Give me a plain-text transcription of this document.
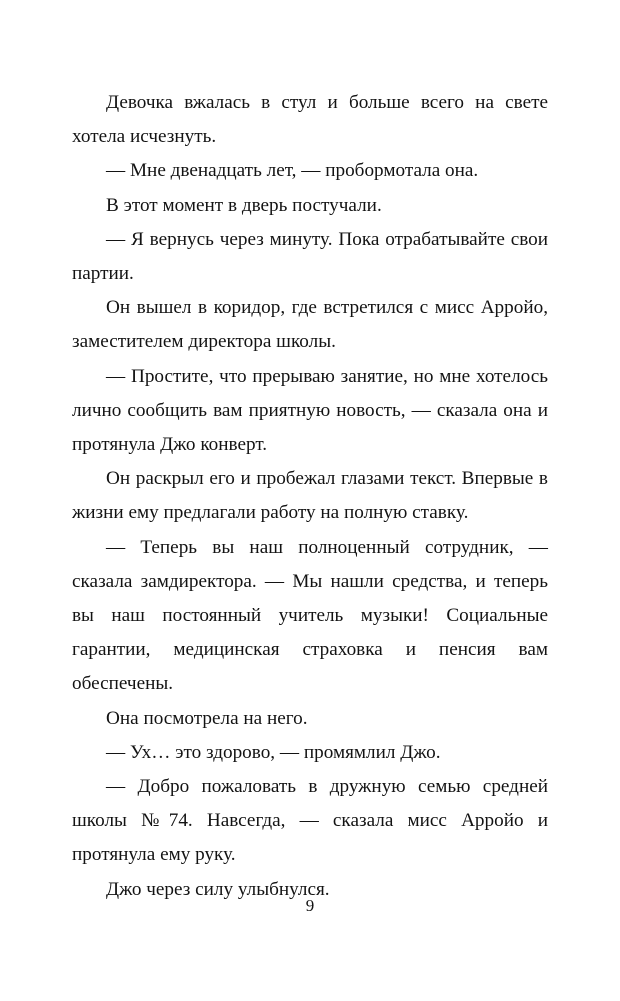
Девочка вжалась в стул и больше всего на свете хотела исчезнуть.

— Мне двенадцать лет, — пробормотала она.

В этот момент в дверь постучали.

— Я вернусь через минуту. Пока отрабатывайте свои партии.

Он вышел в коридор, где встретился с мисс Appойо, заместителем директора школы.

— Простите, что прерываю занятие, но мне хотелось лично сообщить вам приятную новость, — сказала она и протянула Джо конверт.

Он раскрыл его и пробежал глазами текст. Впервые в жизни ему предлагали работу на полную ставку.

— Теперь вы наш полноценный сотрудник, — сказала замдиректора. — Мы нашли средства, и теперь вы наш постоянный учитель музыки! Социальные гарантии, медицинская страховка и пенсия вам обеспечены.

Она посмотрела на него.

— Ух… это здорово, — промямлил Джо.

— Добро пожаловать в дружную семью средней школы №74. Навсегда, — сказала мисс Appойо и протянула ему руку.

Джо через силу улыбнулся.

9
